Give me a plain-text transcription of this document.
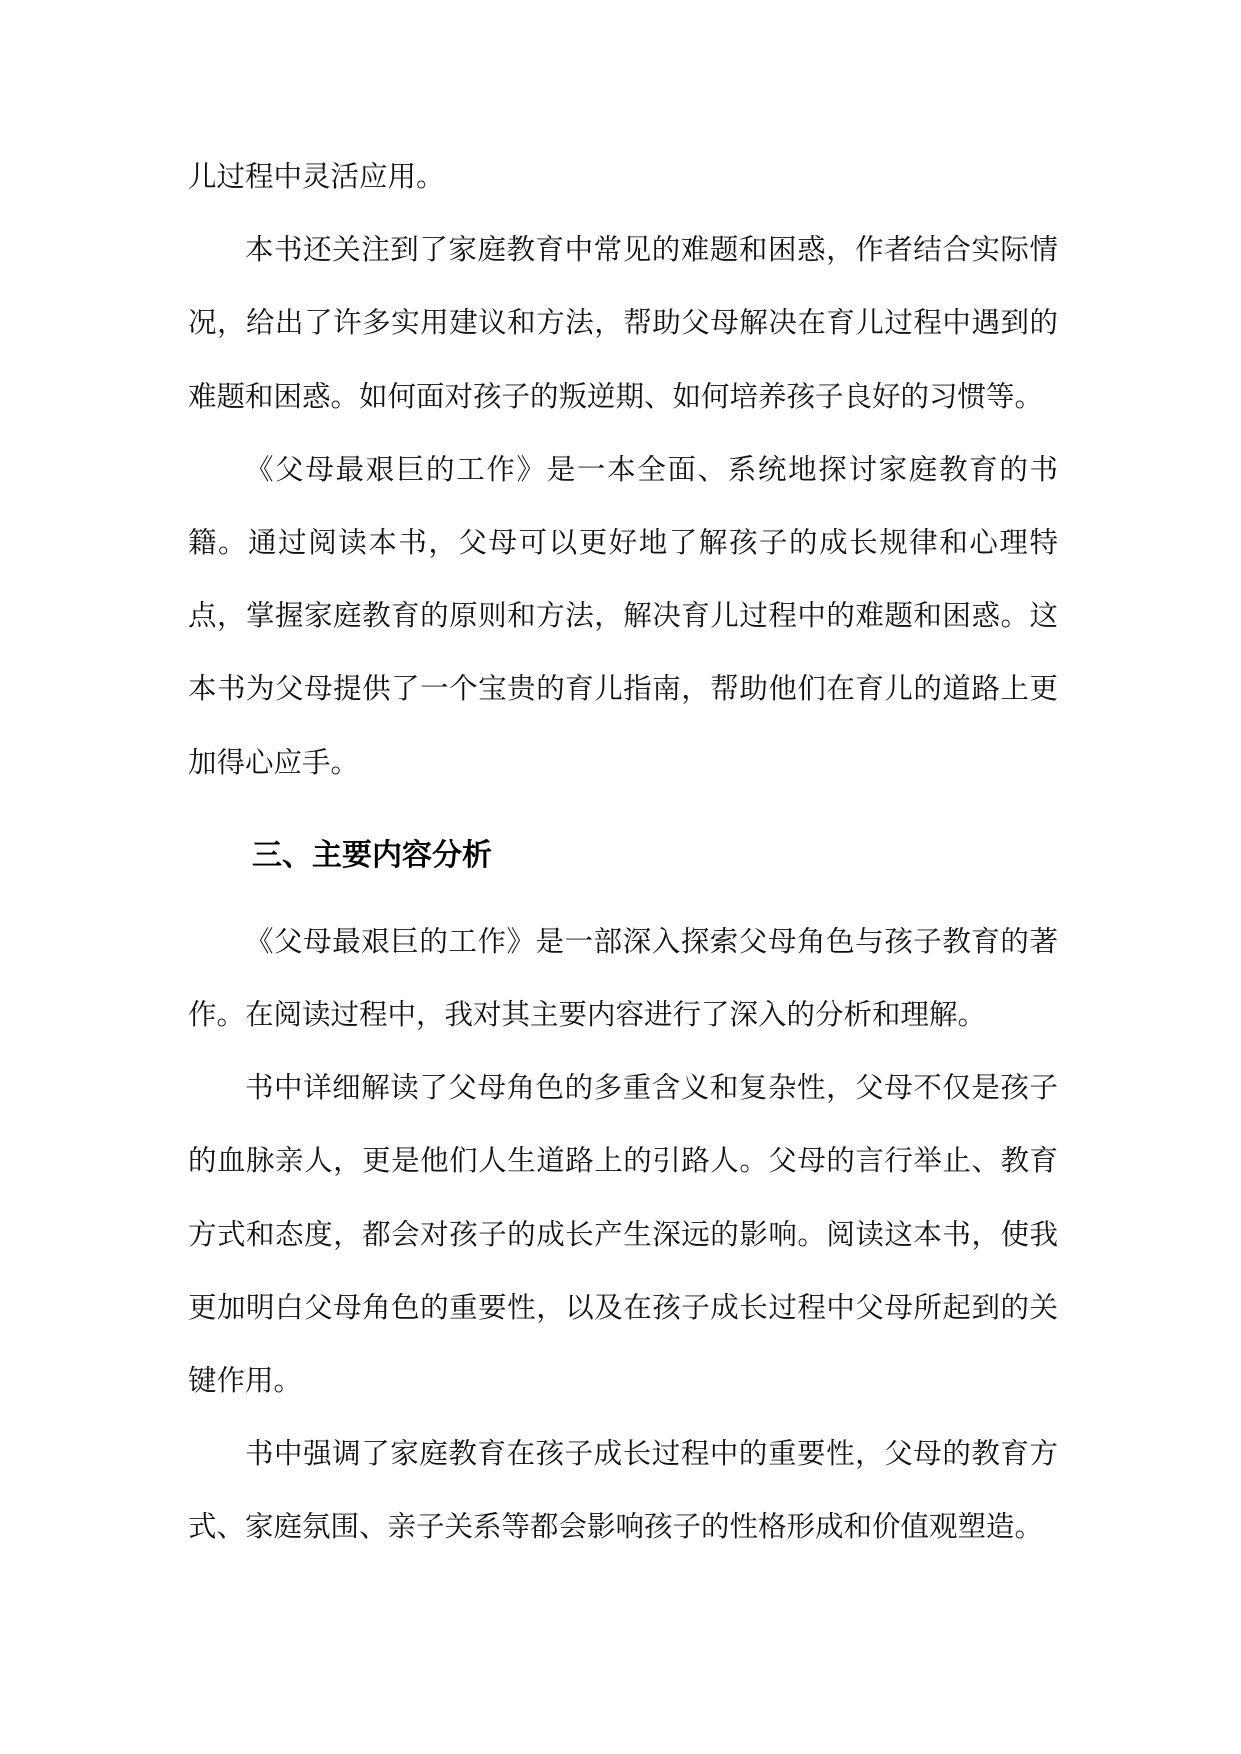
儿过程中灵活应用。

本书还关注到了家庭教育中常见的难题和困惑，作者结合实际情况，给出了许多实用建议和方法，帮助父母解决在育儿过程中遇到的难题和困惑。如何面对孩子的叛逆期、如何培养孩子良好的习惯等。

《父母最艰巨的工作》是一本全面、系统地探讨家庭教育的书籍。通过阅读本书，父母可以更好地了解孩子的成长规律和心理特点，掌握家庭教育的原则和方法，解决育儿过程中的难题和困惑。这本书为父母提供了一个宝贵的育儿指南，帮助他们在育儿的道路上更加得心应手。

三、主要内容分析

《父母最艰巨的工作》是一部深入探索父母角色与孩子教育的著作。在阅读过程中，我对其主要内容进行了深入的分析和理解。

书中详细解读了父母角色的多重含义和复杂性，父母不仅是孩子的血脉亲人，更是他们人生道路上的引路人。父母的言行举止、教育方式和态度，都会对孩子的成长产生深远的影响。阅读这本书，使我更加明白父母角色的重要性，以及在孩子成长过程中父母所起到的关键作用。

书中强调了家庭教育在孩子成长过程中的重要性，父母的教育方式、家庭氛围、亲子关系等都会影响孩子的性格形成和价值观塑造。
